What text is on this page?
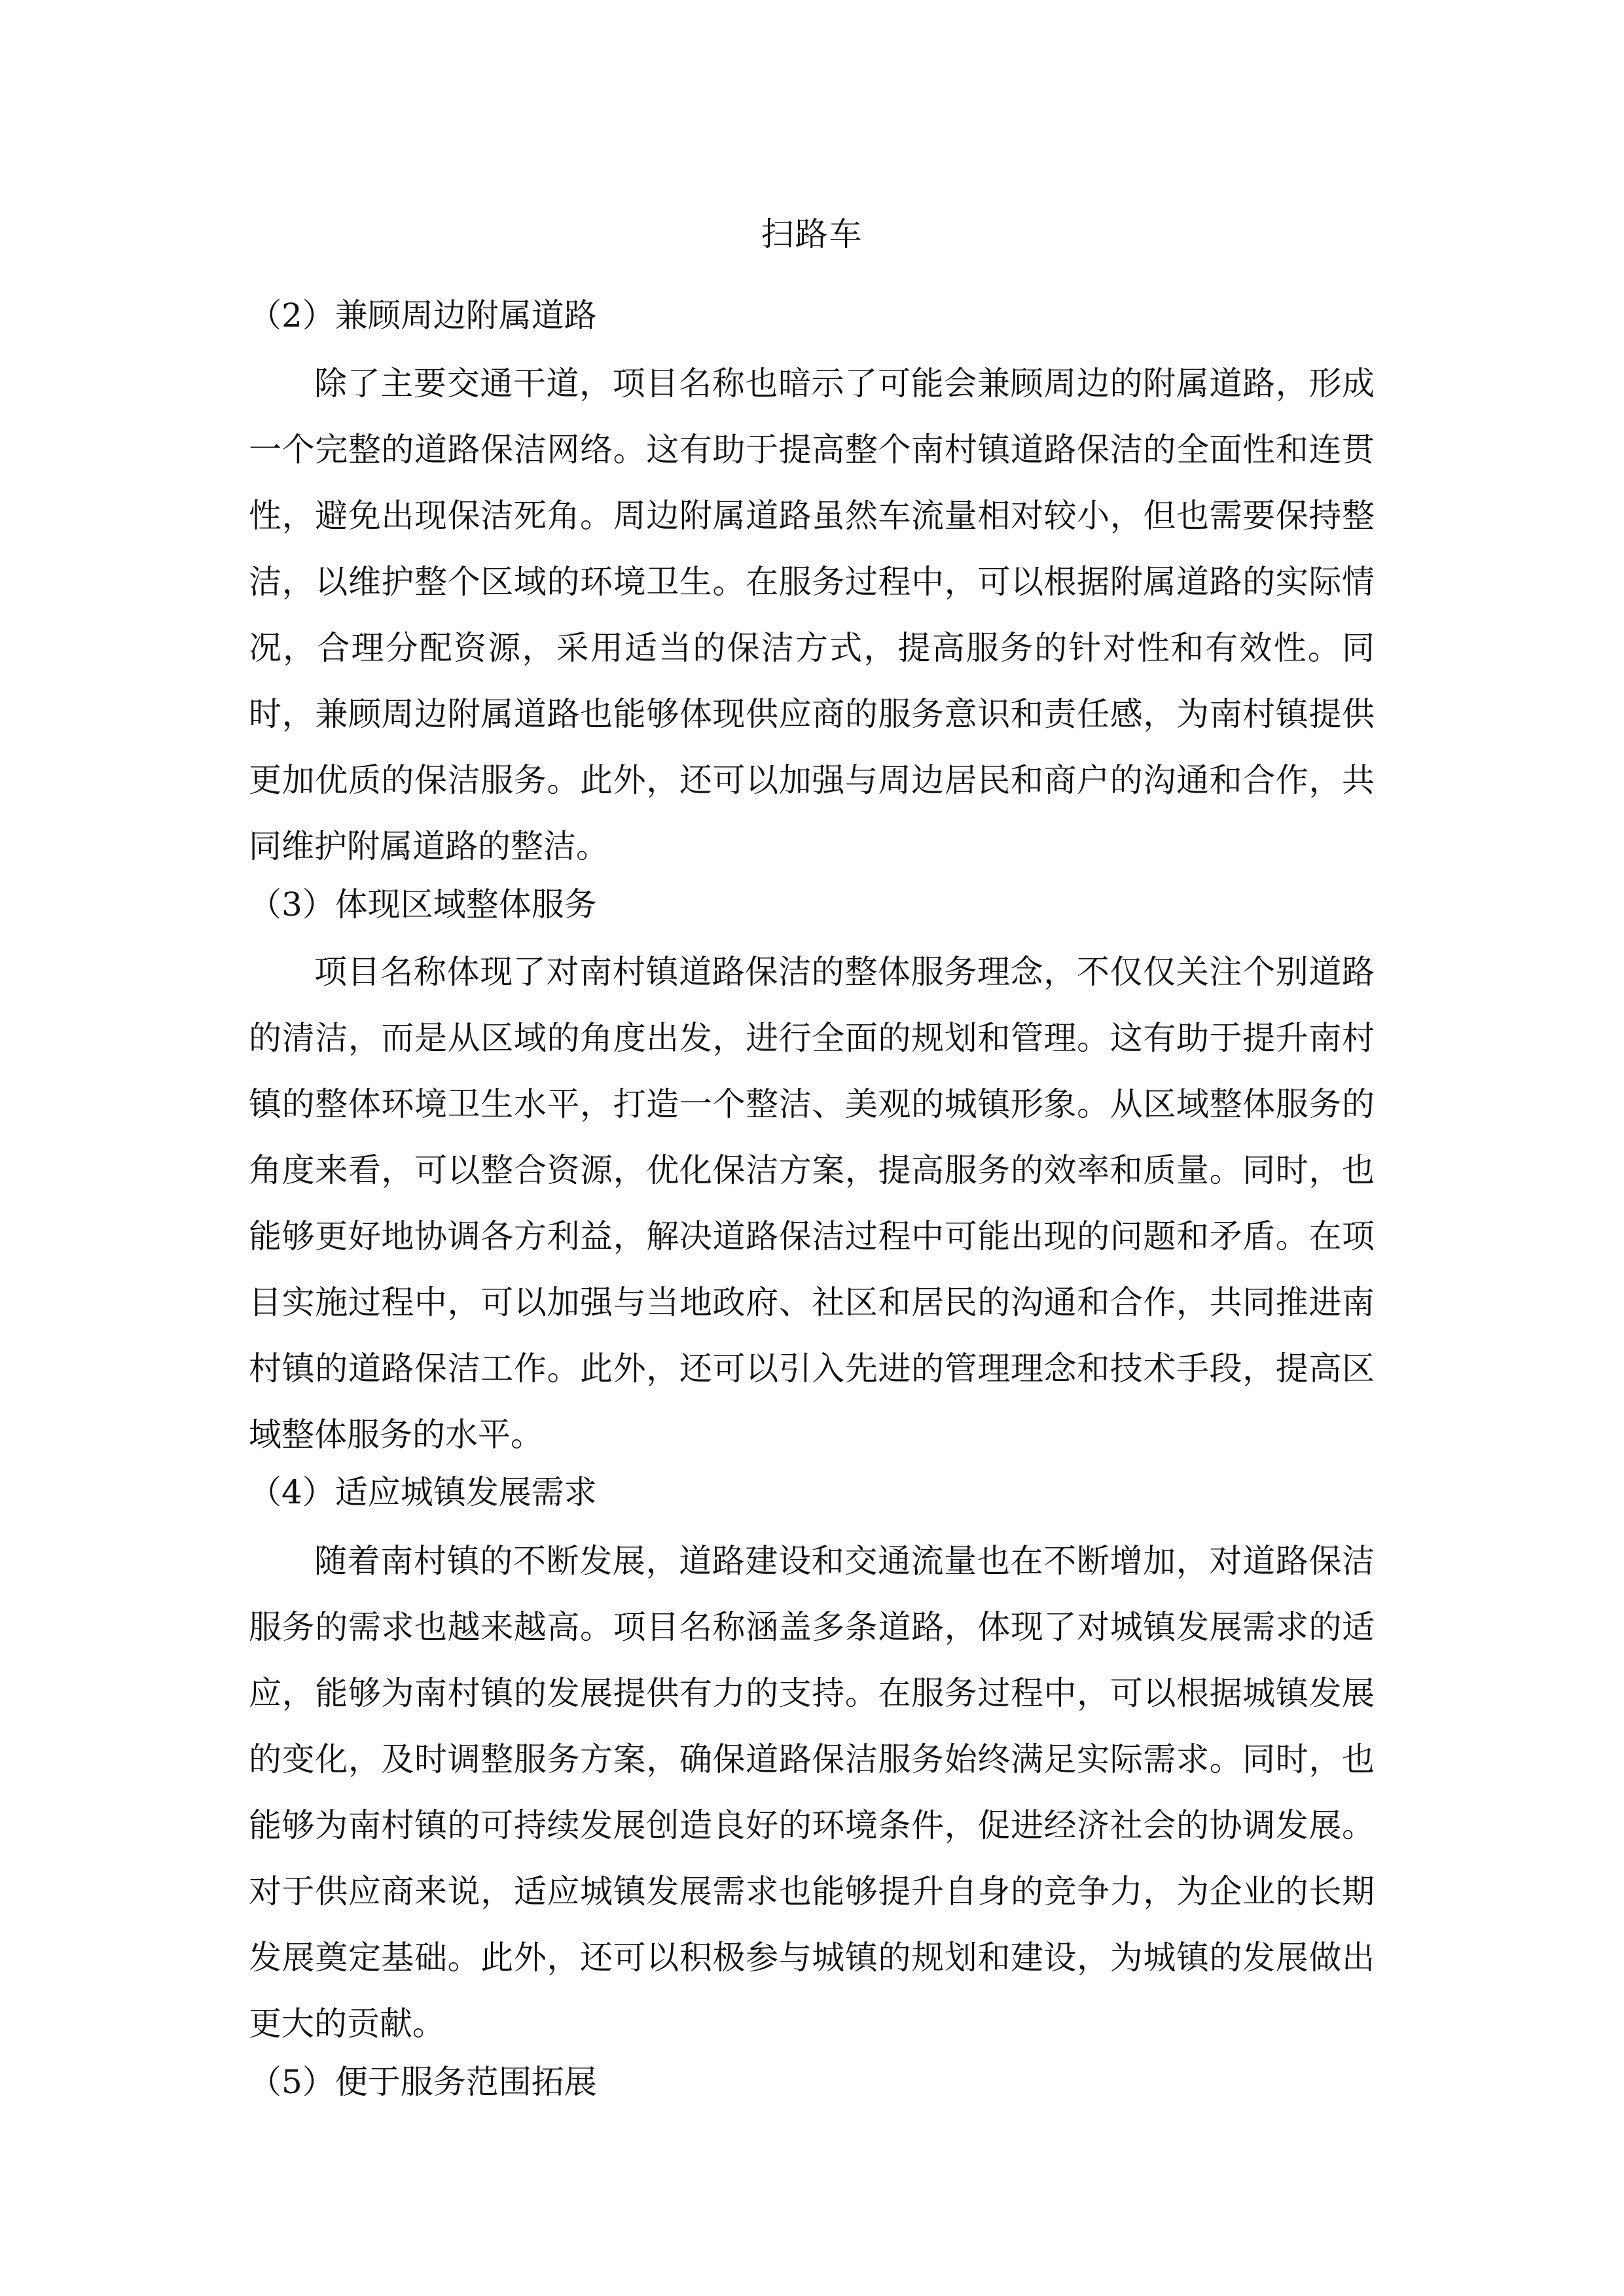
扫路车
（2）兼顾周边附属道路

除了主要交通干道，项目名称也暗示了可能会兼顾周边的附属道路，形成一个完整的道路保洁网络。这有助于提高整个南村镇道路保洁的全面性和连贯性，避免出现保洁死角。周边附属道路虽然车流量相对较小，但也需要保持整洁，以维护整个区域的环境卫生。在服务过程中，可以根据附属道路的实际情况，合理分配资源，采用适当的保洁方式，提高服务的针对性和有效性。同时，兼顾周边附属道路也能够体现供应商的服务意识和责任感，为南村镇提供更加优质的保洁服务。此外，还可以加强与周边居民和商户的沟通和合作，共同维护附属道路的整洁。

（3）体现区域整体服务

项目名称体现了对南村镇道路保洁的整体服务理念，不仅仅关注个别道路的清洁，而是从区域的角度出发，进行全面的规划和管理。这有助于提升南村镇的整体环境卫生水平，打造一个整洁、美观的城镇形象。从区域整体服务的角度来看，可以整合资源，优化保洁方案，提高服务的效率和质量。同时，也能够更好地协调各方利益，解决道路保洁过程中可能出现的问题和矛盾。在项目实施过程中，可以加强与当地政府、社区和居民的沟通和合作，共同推进南村镇的道路保洁工作。此外，还可以引入先进的管理理念和技术手段，提高区域整体服务的水平。

（4）适应城镇发展需求

随着南村镇的不断发展，道路建设和交通流量也在不断增加，对道路保洁服务的需求也越来越高。项目名称涵盖多条道路，体现了对城镇发展需求的适应，能够为南村镇的发展提供有力的支持。在服务过程中，可以根据城镇发展的变化，及时调整服务方案，确保道路保洁服务始终满足实际需求。同时，也能够为南村镇的可持续发展创造良好的环境条件，促进经济社会的协调发展。对于供应商来说，适应城镇发展需求也能够提升自身的竞争力，为企业的长期发展奠定基础。此外，还可以积极参与城镇的规划和建设，为城镇的发展做出更大的贡献。

（5）便于服务范围拓展
